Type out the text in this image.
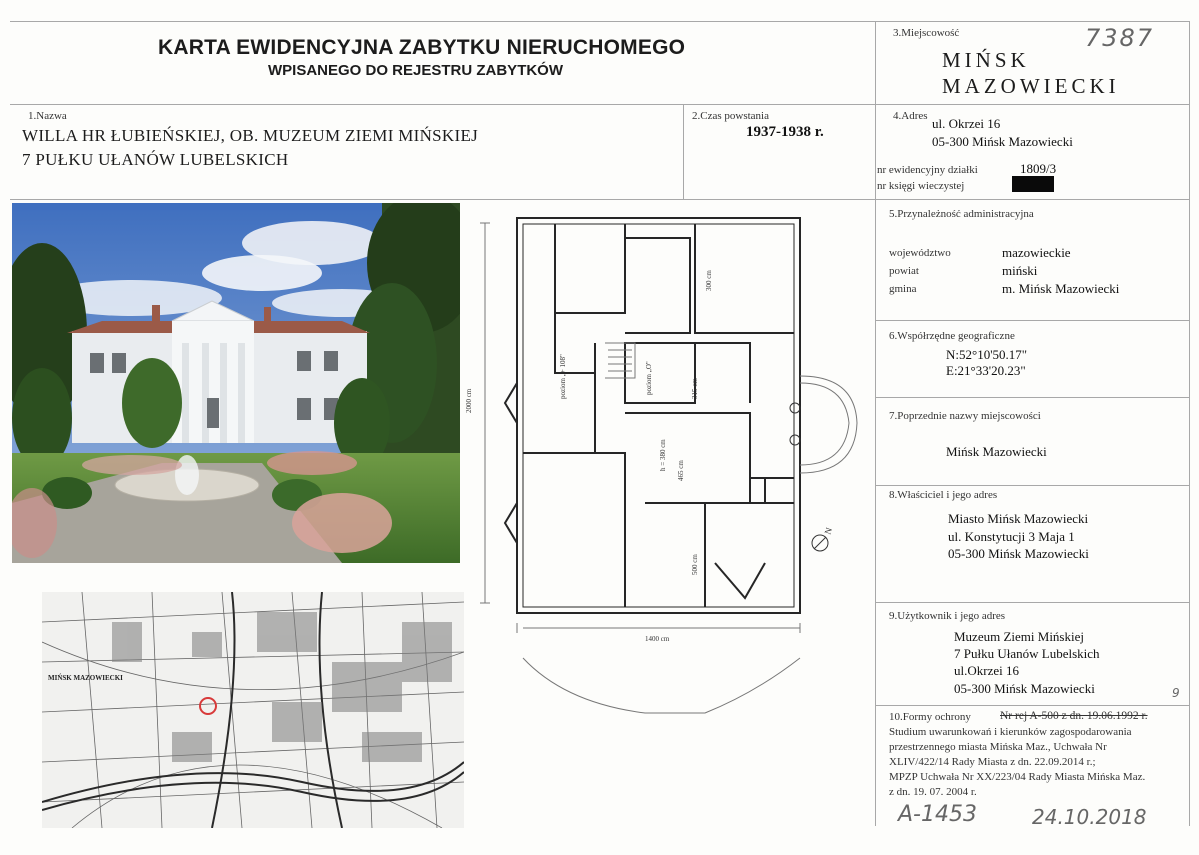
KARTA EWIDENCYJNA ZABYTKU NIERUCHOMEGO
WPISANEGO DO REJESTRU ZABYTKÓW
3.Miejscowość	7387
MIŃSK
MAZOWIECKI
1.Nazwa
WILLA HR ŁUBIEŃSKIEJ, OB. MUZEUM ZIEMI MIŃSKIEJ
7 PUŁKU UŁANÓW LUBELSKICH
2.Czas powstania
1937-1938 r.
4.Adres ul. Okrzei 16
05-300 Mińsk Mazowiecki
nr ewidencyjny działki	1809/3
nr księgi wieczystej
5.Przynależność administracyjna
województwo	mazowieckie
powiat	miński
gmina	m. Mińsk Mazowiecki
6.Współrzędne geograficzne
N:52°10'50.17"
E:21°33'20.23"
7.Poprzednie nazwy miejscowości
Mińsk Mazowiecki
8.Właściciel i jego adres
Miasto Mińsk Mazowiecki
ul. Konstytucji 3 Maja 1
05-300 Mińsk Mazowiecki
9.Użytkownik i jego adres
Muzeum Ziemi Mińskiej
7 Pułku Ułanów Lubelskich
ul.Okrzei 16
05-300 Mińsk Mazowiecki	9
10.Formy ochrony	Nr rej A-500 z dn. 19.06.1992 r.
Studium uwarunkowań i kierunków zagospodarowania
przestrzennego miasta Mińska Maz., Uchwała Nr
XLIV/422/14 Rady Miasta z dn. 22.09.2014 r.;
MPZP Uchwała Nr XX/223/04 Rady Miasta Mińska Maz.
z dn. 19. 07. 2004 r.
A-1453	24.10.2018
MIŃSK MAZOWIECKI
2000 cm
1400 cm
300 cm
315 cm
465 cm
500 cm
poziom „+ 108"	poziom „O"
h = 380 cm
N
